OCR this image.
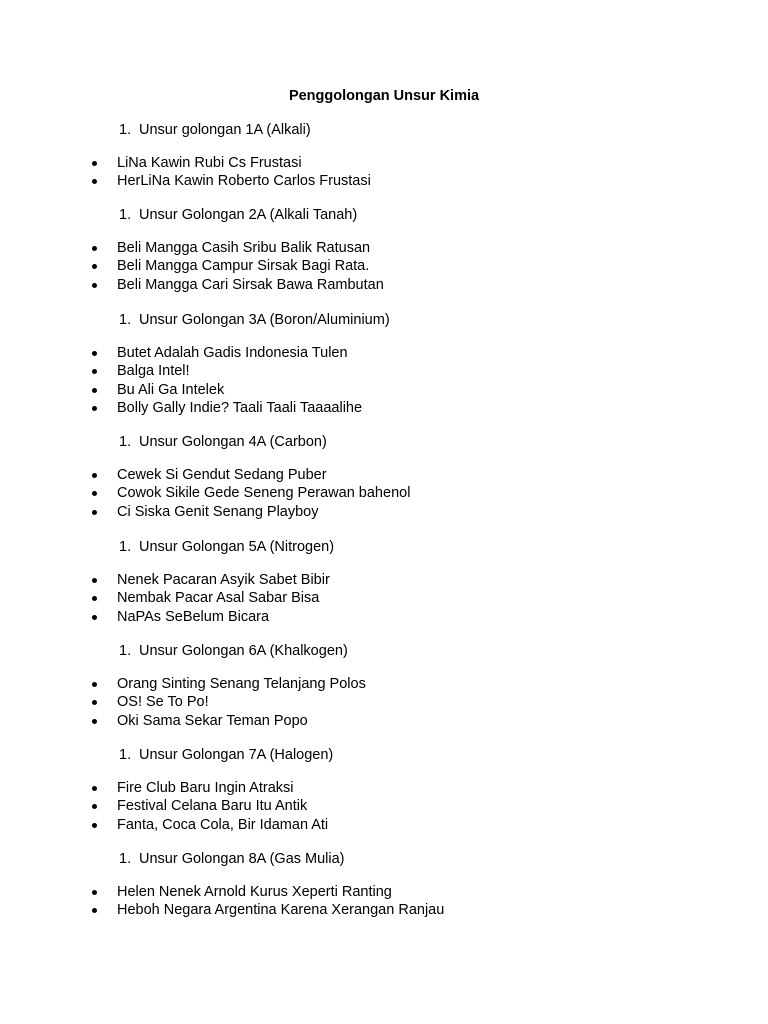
Penggolongan Unsur Kimia
1. Unsur golongan 1A (Alkali)
LiNa Kawin Rubi Cs Frustasi
HerLiNa Kawin Roberto Carlos Frustasi
1. Unsur Golongan 2A (Alkali Tanah)
Beli Mangga Casih Sribu Balik Ratusan
Beli Mangga Campur Sirsak Bagi Rata.
Beli Mangga Cari Sirsak Bawa Rambutan
1. Unsur Golongan 3A (Boron/Aluminium)
Butet Adalah Gadis Indonesia Tulen
Balga Intel!
Bu Ali Ga Intelek
Bolly Gally Indie? Taali Taali Taaaalihe
1. Unsur Golongan 4A (Carbon)
Cewek Si Gendut Sedang Puber
Cowok Sikile Gede Seneng Perawan bahenol
Ci Siska Genit Senang Playboy
1. Unsur Golongan 5A (Nitrogen)
Nenek Pacaran Asyik Sabet Bibir
Nembak Pacar Asal Sabar Bisa
NaPAs SeBelum Bicara
1. Unsur Golongan 6A (Khalkogen)
Orang Sinting Senang Telanjang Polos
OS! Se To Po!
Oki Sama Sekar Teman Popo
1. Unsur Golongan 7A (Halogen)
Fire Club Baru Ingin Atraksi
Festival Celana Baru Itu Antik
Fanta, Coca Cola, Bir Idaman Ati
1. Unsur Golongan 8A (Gas Mulia)
Helen Nenek Arnold Kurus Xeperti Ranting
Heboh Negara Argentina Karena Xerangan Ranjau
